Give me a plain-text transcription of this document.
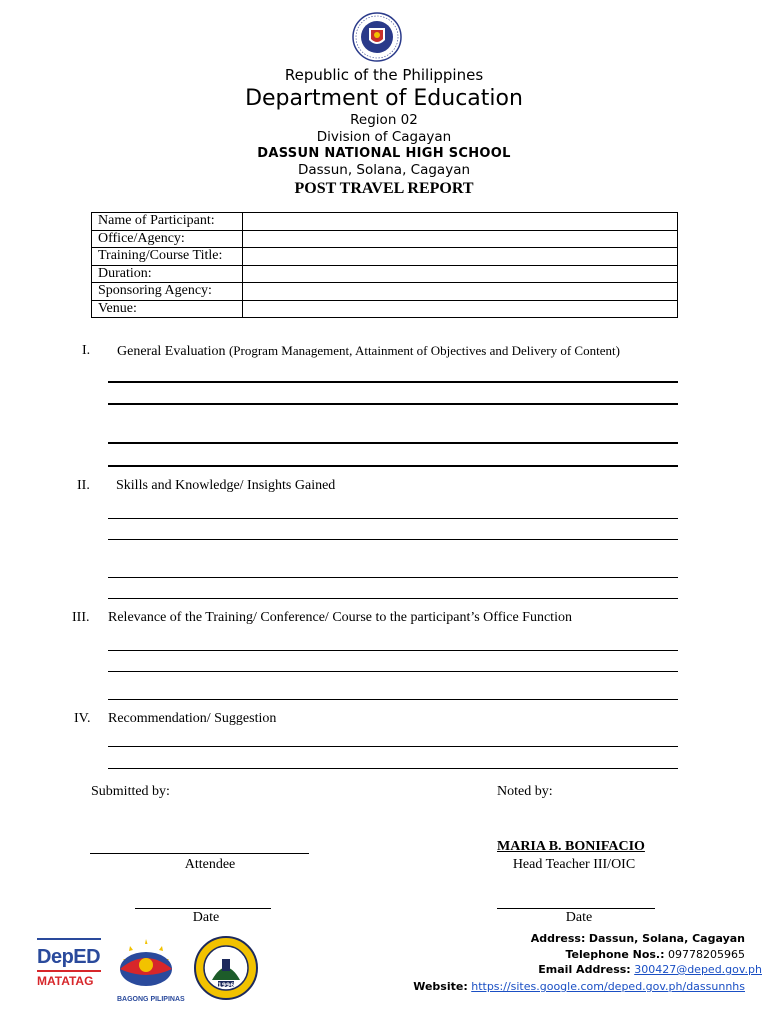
Republic of the Philippines
Department of Education
Region 02
Division of Cagayan
DASSUN NATIONAL HIGH SCHOOL
Dassun, Solana, Cagayan
POST TRAVEL REPORT
Name of Participant:	
Office/Agency:	
Training/Course Title:	
Duration:	
Sponsoring Agency:	
Venue:	
I. General Evaluation (Program Management, Attainment of Objectives and Delivery of Content)
II. Skills and Knowledge/ Insights Gained
III. Relevance of the Training/ Conference/ Course to the participant’s Office Function
IV. Recommendation/ Suggestion
Submitted by:	Noted by:
Attendee
MARIA B. BONIFACIO
Head Teacher III/OIC
Date	Date
DepED
MATATAG
BAGONG PILIPINAS
1996
Address: Dassun, Solana, Cagayan
Telephone Nos.: 09778205965
Email Address: 300427@deped.gov.ph
Website: https://sites.google.com/deped.gov.ph/dassunnhs
